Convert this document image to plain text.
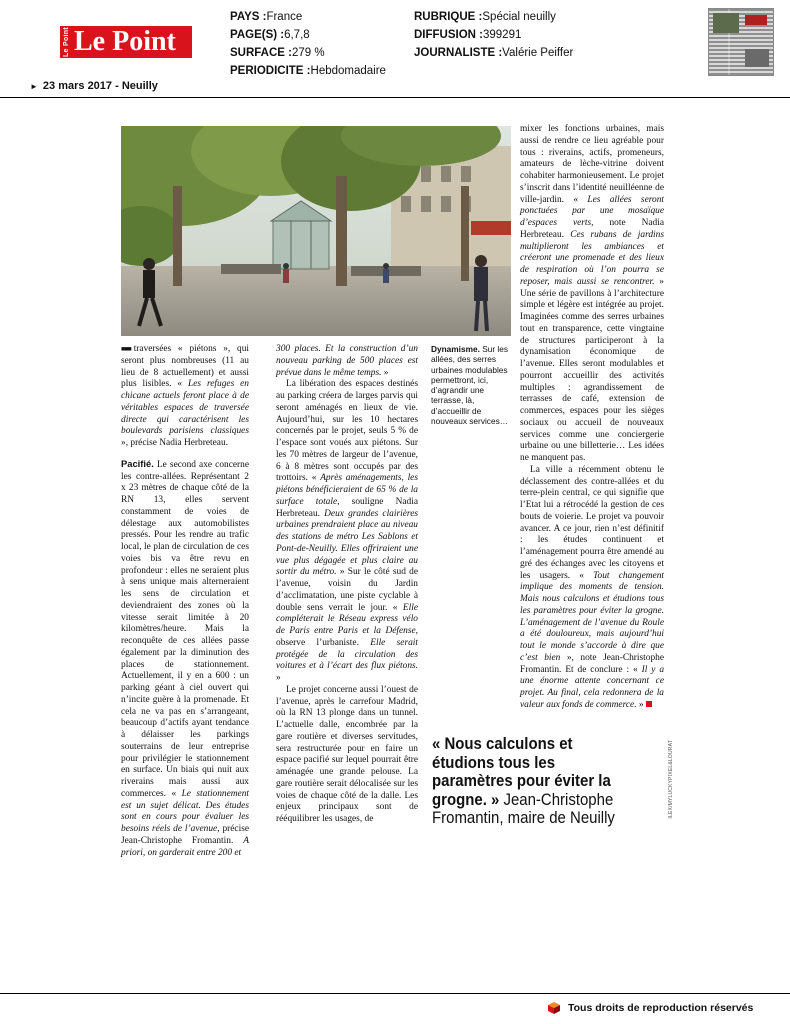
Le Point Le Point
PAYS :France
PAGE(S) :6,7,8
SURFACE :279 %
PERIODICITE :Hebdomadaire
RUBRIQUE :Spécial neuilly
DIFFUSION :399291
JOURNALISTE :Valérie Peiffer
► 23 mars 2017 - Neuilly

■■■ traversées « piétons », qui seront plus nombreuses (11 au lieu de 8 actuellement) et aussi plus lisibles. « Les refuges en chicane actuels feront place à de véritables espaces de traversée directe qui caractérisent les boulevards parisiens classiques », précise Nadia Herbreteau.

Pacifié. Le second axe concerne les contre-allées. Représentant 2 x 23 mètres de chaque côté de la RN 13, elles servent constamment de voies de délestage aux automobilistes pressés. Pour les rendre au trafic local, le plan de circulation de ces voies bis va être revu en profondeur : elles ne seraient plus à sens unique mais alterneraient les sens de circulation et deviendraient des zones où la vitesse serait limitée à 20 kilomètres/heure. Mais la reconquête de ces allées passe également par la diminution des places de stationnement. Actuellement, il y en a 600 : un parking géant à ciel ouvert qui n’incite guère à la promenade. Et cela ne va pas en s’arrangeant, beaucoup d’actifs ayant tendance à délaisser les parkings souterrains de leur entreprise pour privilégier le stationnement en surface. Un biais qui nuit aux riverains mais aussi aux commerces. « Le stationnement est un sujet délicat. Des études sont en cours pour évaluer les besoins réels de l’avenue, précise Jean-Christophe Fromantin. A priori, on garderait entre 200 et

300 places. Et la construction d’un nouveau parking de 500 places est prévue dans le même temps. »

La libération des espaces destinés au parking créera de larges parvis qui seront aménagés en lieux de vie. Aujourd’hui, sur les 10 hectares concernés par le projet, seuls 5 % de l’espace sont voués aux piétons. Sur les 70 mètres de largeur de l’avenue, 6 à 8 mètres sont occupés par des trottoirs. « Après aménagements, les piétons bénéficieraient de 65 % de la surface totale, souligne Nadia Herbreteau. Deux grandes clairières urbaines prendraient place au niveau des stations de métro Les Sablons et Pont-de-Neuilly. Elles offriraient une vue plus dégagée et plus claire au sortir du métro. » Sur le côté sud de l’avenue, voisin du Jardin d’acclimatation, une piste cyclable à double sens verrait le jour. « Elle compléterait le Réseau express vélo de Paris entre Paris et la Défense, observe l’urbaniste. Elle serait protégée de la circulation des voitures et à l’écart des flux piétons. »

Le projet concerne aussi l’ouest de l’avenue, après le carrefour Madrid, où la RN 13 plonge dans un tunnel. L’actuelle dalle, encombrée par la gare routière et diverses servitudes, sera restructurée pour en faire un espace pacifié sur lequel pourrait être aménagée une grande pelouse. La gare routière serait délocalisée sur les voies de chaque côté de la dalle. Les enjeux principaux sont de rééquilibrer les usages, de

Dynamisme. Sur les allées, des serres urbaines modulables permettront, ici, d’agrandir une terrasse, là, d’accueillir de nouveaux services…

mixer les fonctions urbaines, mais aussi de rendre ce lieu agréable pour tous : riverains, actifs, promeneurs, amateurs de lèche-vitrine doivent cohabiter harmonieusement. Le projet s’inscrit dans l’identité neuilléenne de ville-jardin. « Les allées seront ponctuées par une mosaïque d’espaces verts, note Nadia Herbreteau. Ces rubans de jardins multiplieront les ambiances et créeront une promenade et des lieux de respiration où l’on pourra se reposer, mais aussi se rencontrer. » Une série de pavillons à l’architecture simple et légère est intégrée au projet. Imaginées comme des serres urbaines tout en transparence, cette vingtaine de structures participeront à la dynamisation économique de l’avenue. Elles seront modulables et pourront accueillir des activités multiples : agrandissement de terrasses de café, extension de commerces, espaces pour les sièges sociaux ou accueil de nouveaux services comme une conciergerie urbaine ou une billetterie… Les idées ne manquent pas.

La ville a récemment obtenu le déclassement des contre-allées et du terre-plein central, ce qui signifie que l’Etat lui a rétrocédé la gestion de ces bouts de voierie. Le projet va pouvoir avancer. A ce jour, rien n’est définitif : les études continuent et l’aménagement pourra être amendé au gré des échanges avec les citoyens et les usagers. « Tout changement implique des moments de tension. Mais nous calculons et étudions tous les paramètres pour éviter la grogne. L’aménagement de l’avenue du Roule a été douloureux, mais aujourd’hui tout le monde s’accorde à dire que c’est bien », note Jean-Christophe Fromantin. Et de conclure : « Il y a une énorme attente concernant ce projet. Au final, cela redonnera de la valeur aux fonds de commerce. »

« Nous calculons et étudions tous les paramètres pour éviter la grogne. » Jean-Christophe Fromantin, maire de Neuilly	ILEX/MYLUCKYPIXEL&LOURAT
Tous droits de reproduction réservés
